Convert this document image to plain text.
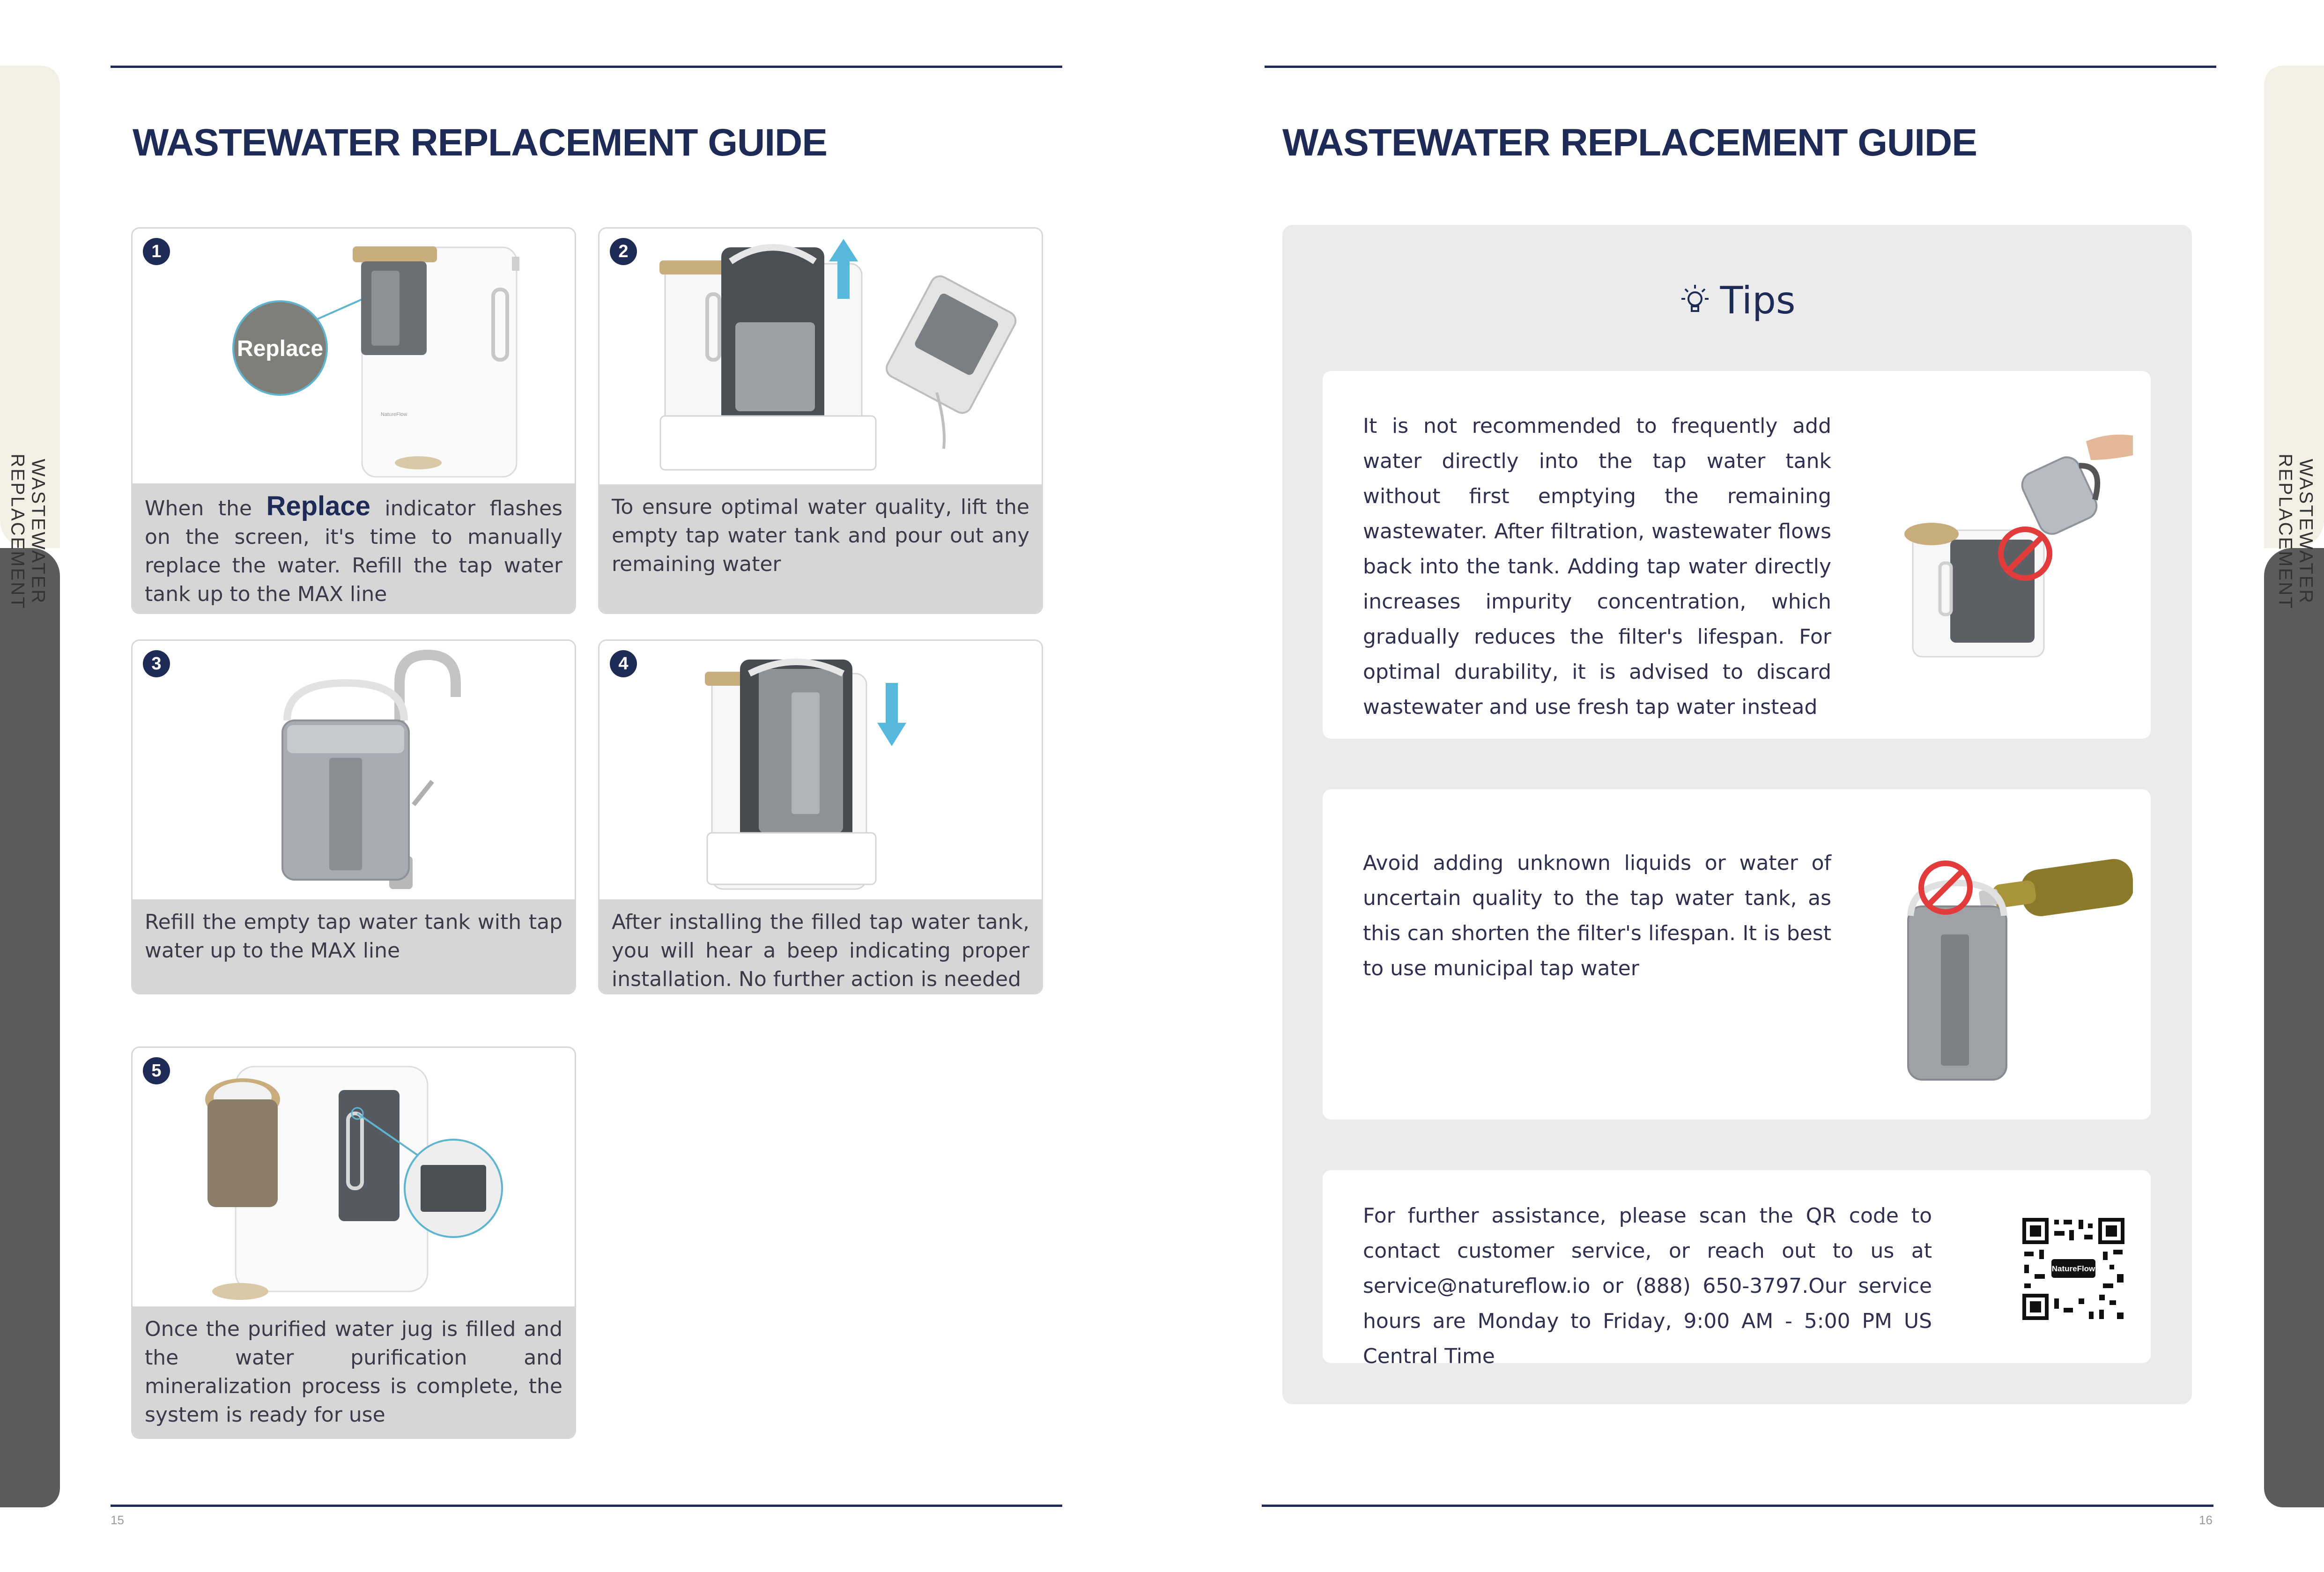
15
WASTEWATER
REPLACEMENT
WASTEWATER REPLACEMENT GUIDE
1
NatureFlow
Replace
When the Replace indicator flashes on the screen, it's time to manually replace the water. Refill the tap water tank up to the MAX line
2
To ensure optimal water quality, lift the empty tap water tank and pour out any remaining water
3
Refill the empty tap water tank with tap water up to the MAX line
4
After installing the filled tap water tank, you will hear a beep indicating proper installation. No further action is needed
5
Once the purified water jug is filled and the water purification and mineralization process is complete, the system is ready for use
16
WASTEWATER
REPLACEMENT
WASTEWATER REPLACEMENT GUIDE
Tips
It is not recommended to frequently add water directly into the tap water tank without first emptying the remaining wastewater. After filtration, wastewater flows back into the tank. Adding tap water directly increases impurity concentration, which gradually reduces the filter's lifespan. For optimal durability, it is advised to discard wastewater and use fresh tap water instead
Avoid adding unknown liquids or water of uncertain quality to the tap water tank, as this can shorten the filter's lifespan. It is best to use municipal tap water
For further assistance, please scan the QR code to contact customer service, or reach out to us at service@natureflow.io or (888) 650-3797.Our service hours are Monday to Friday, 9:00 AM - 5:00 PM US Central Time
NatureFlow
